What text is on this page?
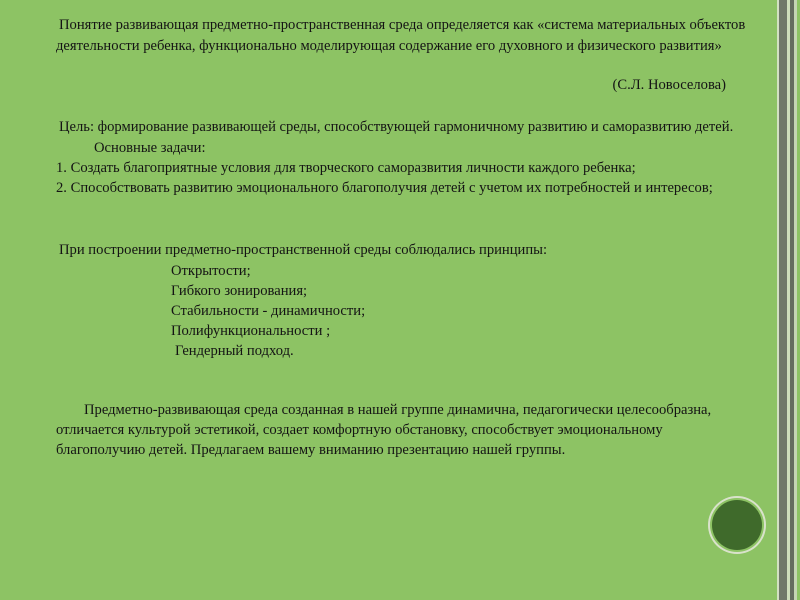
Понятие развивающая предметно-пространственная среда определяется как «система материальных объектов деятельности ребенка, функционально моделирующая содержание его духовного и физического развития»

(С.Л. Новоселова)

Цель: формирование развивающей среды, способствующей гармоничному развитию и саморазвитию детей.

Основные задачи:
1. Создать благоприятные условия для творческого саморазвития личности каждого ребенка;
2. Способствовать развитию эмоционального благополучия детей с учетом их потребностей и интересов;

При построении предметно-пространственной среды соблюдались принципы:

Открытости;
Гибкого зонирования;
Стабильности - динамичности;
Полифункциональности ;
Гендерный подход.

Предметно-развивающая среда созданная в нашей группе динамична, педагогически целесообразна, отличается культурой эстетикой, создает комфортную обстановку, способствует эмоциональному благополучию детей. Предлагаем вашему вниманию презентацию нашей группы.
